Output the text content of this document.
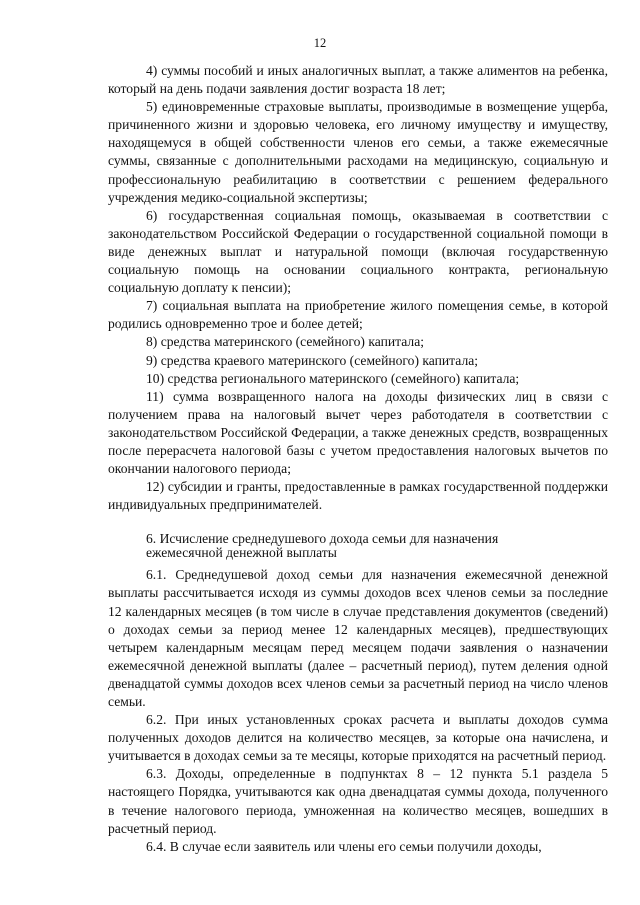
12

4) суммы пособий и иных аналогичных выплат, а также алиментов на ребенка, который на день подачи заявления достиг возраста 18 лет;

5) единовременные страховые выплаты, производимые в возмещение ущерба, причиненного жизни и здоровью человека, его личному имуществу и имуществу, находящемуся в общей собственности членов его семьи, а также ежемесячные суммы, связанные с дополнительными расходами на медицинскую, социальную и профессиональную реабилитацию в соответствии с решением федерального учреждения медико-социальной экспертизы;

6) государственная социальная помощь, оказываемая в соответствии с законодательством Российской Федерации о государственной социальной помощи в виде денежных выплат и натуральной помощи (включая государственную социальную помощь на основании социального контракта, региональную социальную доплату к пенсии);

7) социальная выплата на приобретение жилого помещения семье, в которой родились одновременно трое и более детей;

8) средства материнского (семейного) капитала;

9) средства краевого материнского (семейного) капитала;

10) средства регионального материнского (семейного) капитала;

11) сумма возвращенного налога на доходы физических лиц в связи с получением права на налоговый вычет через работодателя в соответствии с законодательством Российской Федерации, а также денежных средств, возвращенных после перерасчета налоговой базы с учетом предоставления налоговых вычетов по окончании налогового периода;

12) субсидии и гранты, предоставленные в рамках государственной поддержки индивидуальных предпринимателей.

6. Исчисление среднедушевого дохода семьи для назначения
ежемесячной денежной выплаты

6.1. Среднедушевой доход семьи для назначения ежемесячной денежной выплаты рассчитывается исходя из суммы доходов всех членов семьи за последние 12 календарных месяцев (в том числе в случае представления документов (сведений) о доходах семьи за период менее 12 календарных месяцев), предшествующих четырем календарным месяцам перед месяцем подачи заявления о назначении ежемесячной денежной выплаты (далее – расчетный период), путем деления одной двенадцатой суммы доходов всех членов семьи за расчетный период на число членов семьи.

6.2. При иных установленных сроках расчета и выплаты доходов сумма полученных доходов делится на количество месяцев, за которые она начислена, и учитывается в доходах семьи за те месяцы, которые приходятся на расчетный период.

6.3. Доходы, определенные в подпунктах 8 – 12 пункта 5.1 раздела 5 настоящего Порядка, учитываются как одна двенадцатая суммы дохода, полученного в течение налогового периода, умноженная на количество месяцев, вошедших в расчетный период.

6.4. В случае если заявитель или члены его семьи получили доходы,
